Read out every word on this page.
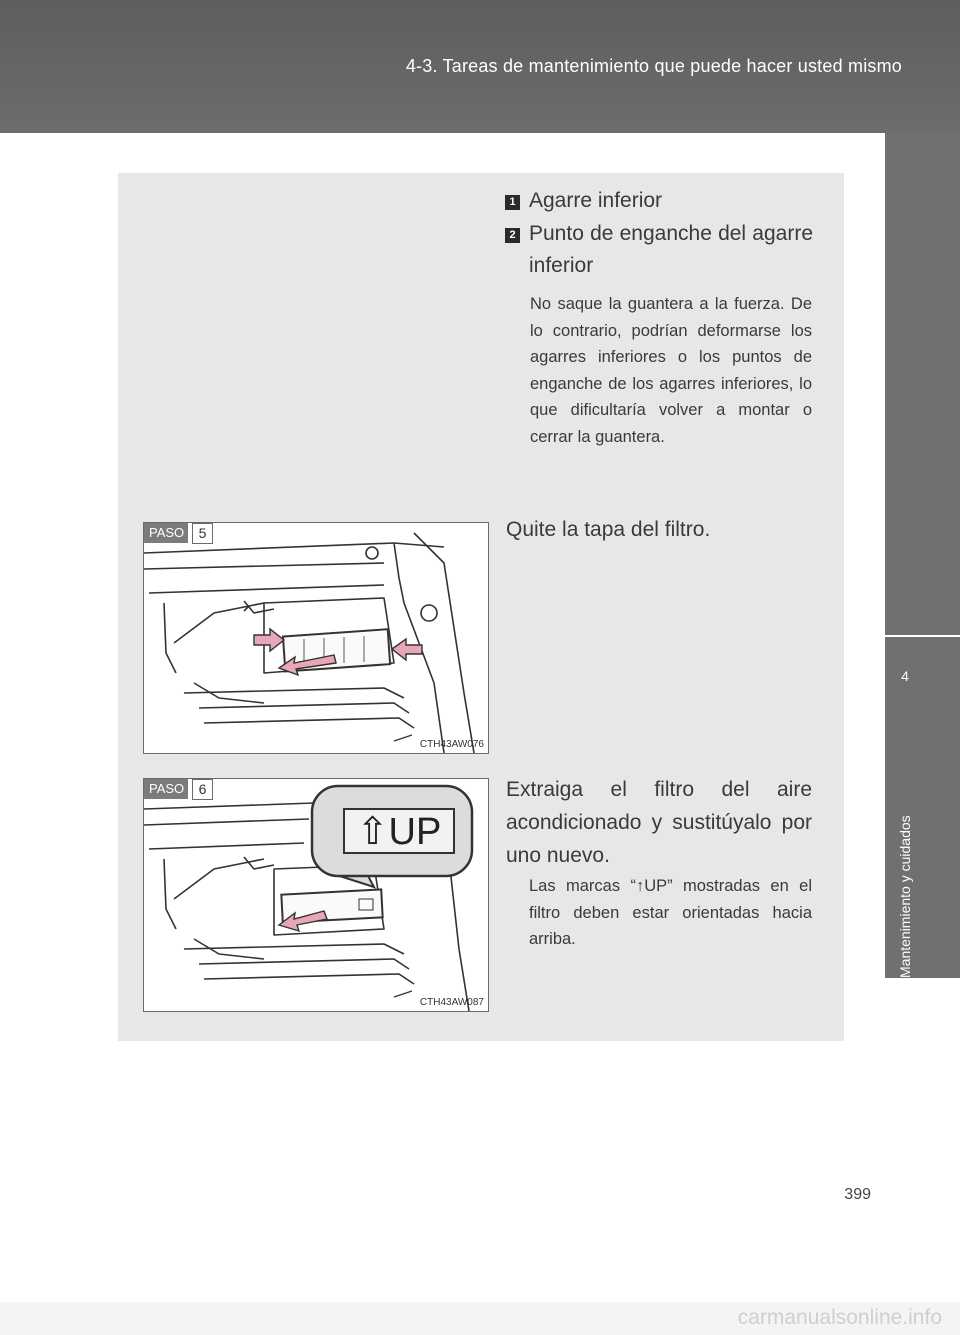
4-3. Tareas de mantenimiento que puede hacer usted mismo
4
Mantenimiento y cuidados
1 Agarre inferior
2 Punto de enganche del agarre inferior
No saque la guantera a la fuerza. De lo contrario, podrían deformarse los agarres inferiores o los puntos de enganche de los agarres inferiores, lo que dificultaría volver a montar o cerrar la guantera.
PASO	5
CTH43AW076
Quite la tapa del filtro.
⇧UP
PASO	6
CTH43AW087
Extraiga el filtro del aire acondicionado y sustitúyalo por uno nuevo.
Las marcas “↑UP” mostradas en el filtro deben estar orientadas hacia arriba.
399
carmanualsonline.info
